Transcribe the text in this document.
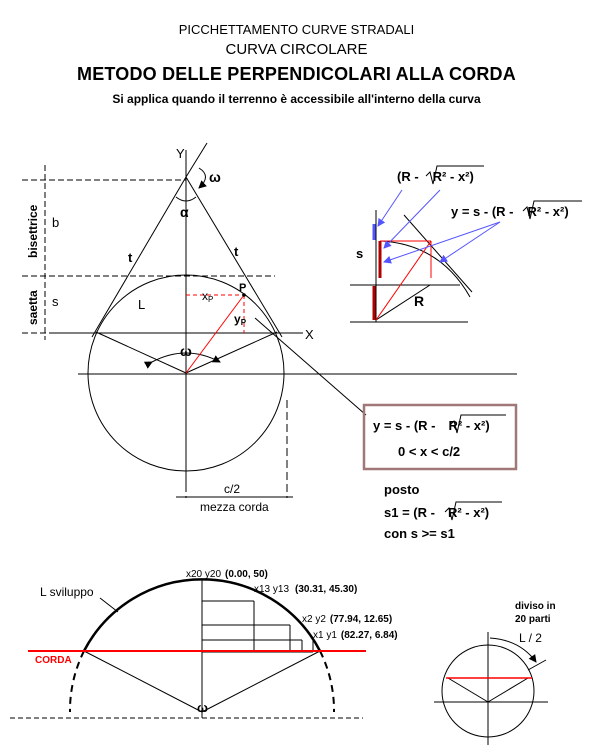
PICCHETTAMENTO CURVE STRADALI
CURVA CIRCOLARE
METODO DELLE PERPENDICOLARI ALLA CORDA
Si applica quando il terrenno è accessibile all'interno della curva
Y
X
ω
α
b
s
t	t
L
P
xP
yP
ω
bisettrice
saetta
c/2
mezza corda
(R - R² - x²)
y = s - (R - R² - x²)
s
R
y = s - (R - R² - x²)
0 < x < c/2
posto
s1 = (R - R² - x²)
con s >= s1
L sviluppo
CORDA
ω
x20 y20 (0.00, 50)
x13 y13 (30.31, 45.30)
x2 y2 (77.94, 12.65)
x1 y1 (82.27, 6.84)
diviso in
20 parti
L / 2
